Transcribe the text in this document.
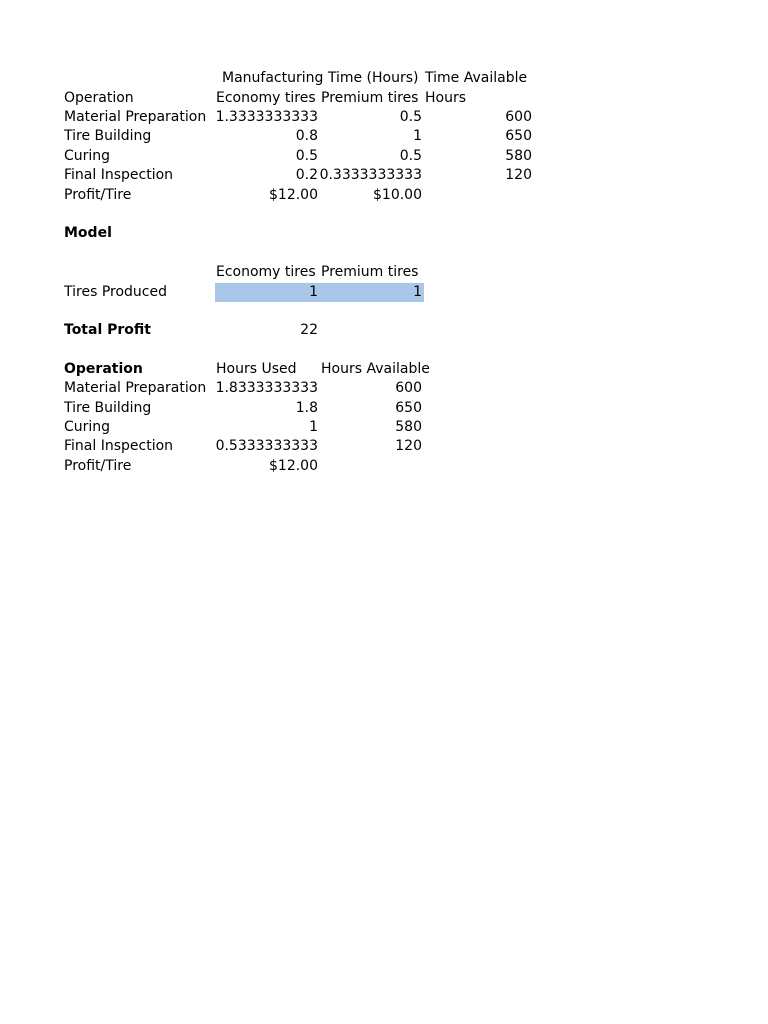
Manufacturing Time (Hours) Time Available
Operation	Economy tires Premium tires Hours
Material Preparation 1.3333333333	0.5	600
Tire Building	0.8	1	650
Curing	0.5	0.5	580
Final Inspection	0.2 0.3333333333	120
Profit/Tire	$12.00	$10.00
Model
Economy tires Premium tires
Tires Produced	1	1
Total Profit	22
Operation	Hours Used Hours Available
Material Preparation 1.8333333333	600
Tire Building	1.8	650
Curing	1	580
Final Inspection	0.5333333333	120
Profit/Tire	$12.00
